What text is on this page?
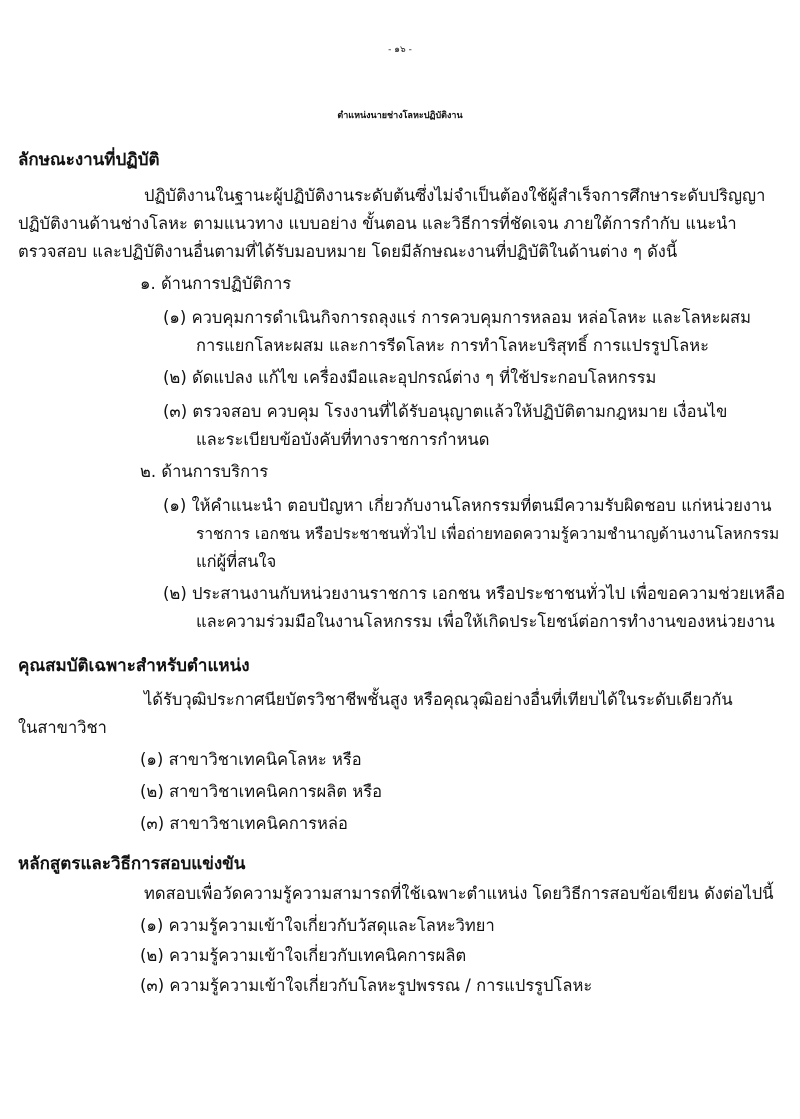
- ๑๖ -
ตำแหน่งนายช่างโลหะปฏิบัติงาน
ลักษณะงานที่ปฏิบัติ
ปฏิบัติงานในฐานะผู้ปฏิบัติงานระดับต้นซึ่งไม่จำเป็นต้องใช้ผู้สำเร็จการศึกษาระดับปริญญา
ปฏิบัติงานด้านช่างโลหะ ตามแนวทาง แบบอย่าง ขั้นตอน และวิธีการที่ชัดเจน ภายใต้การกำกับ แนะนำ
ตรวจสอบ และปฏิบัติงานอื่นตามที่ได้รับมอบหมาย โดยมีลักษณะงานที่ปฏิบัติในด้านต่าง ๆ ดังนี้
๑. ด้านการปฏิบัติการ
(๑) ควบคุมการดำเนินกิจการถลุงแร่ การควบคุมการหลอม หล่อโลหะ และโลหะผสม
การแยกโลหะผสม และการรีดโลหะ การทำโลหะบริสุทธิ์ การแปรรูปโลหะ
(๒) ดัดแปลง แก้ไข เครื่องมือและอุปกรณ์ต่าง ๆ ที่ใช้ประกอบโลหกรรม
(๓) ตรวจสอบ ควบคุม โรงงานที่ได้รับอนุญาตแล้วให้ปฏิบัติตามกฎหมาย เงื่อนไข
และระเบียบข้อบังคับที่ทางราชการกำหนด
๒. ด้านการบริการ
(๑) ให้คำแนะนำ ตอบปัญหา เกี่ยวกับงานโลหกรรมที่ตนมีความรับผิดชอบ แก่หน่วยงาน
ราชการ เอกชน หรือประชาชนทั่วไป เพื่อถ่ายทอดความรู้ความชำนาญด้านงานโลหกรรม
แก่ผู้ที่สนใจ
(๒) ประสานงานกับหน่วยงานราชการ เอกชน หรือประชาชนทั่วไป เพื่อขอความช่วยเหลือ
และความร่วมมือในงานโลหกรรม เพื่อให้เกิดประโยชน์ต่อการทำงานของหน่วยงาน
คุณสมบัติเฉพาะสำหรับตำแหน่ง
ได้รับวุฒิประกาศนียบัตรวิชาชีพชั้นสูง หรือคุณวุฒิอย่างอื่นที่เทียบได้ในระดับเดียวกัน
ในสาขาวิชา
(๑) สาขาวิชาเทคนิคโลหะ หรือ
(๒) สาขาวิชาเทคนิคการผลิต หรือ
(๓) สาขาวิชาเทคนิคการหล่อ
หลักสูตรและวิธีการสอบแข่งขัน
ทดสอบเพื่อวัดความรู้ความสามารถที่ใช้เฉพาะตำแหน่ง โดยวิธีการสอบข้อเขียน ดังต่อไปนี้
(๑) ความรู้ความเข้าใจเกี่ยวกับวัสดุและโลหะวิทยา
(๒) ความรู้ความเข้าใจเกี่ยวกับเทคนิคการผลิต
(๓) ความรู้ความเข้าใจเกี่ยวกับโลหะรูปพรรณ / การแปรรูปโลหะ
